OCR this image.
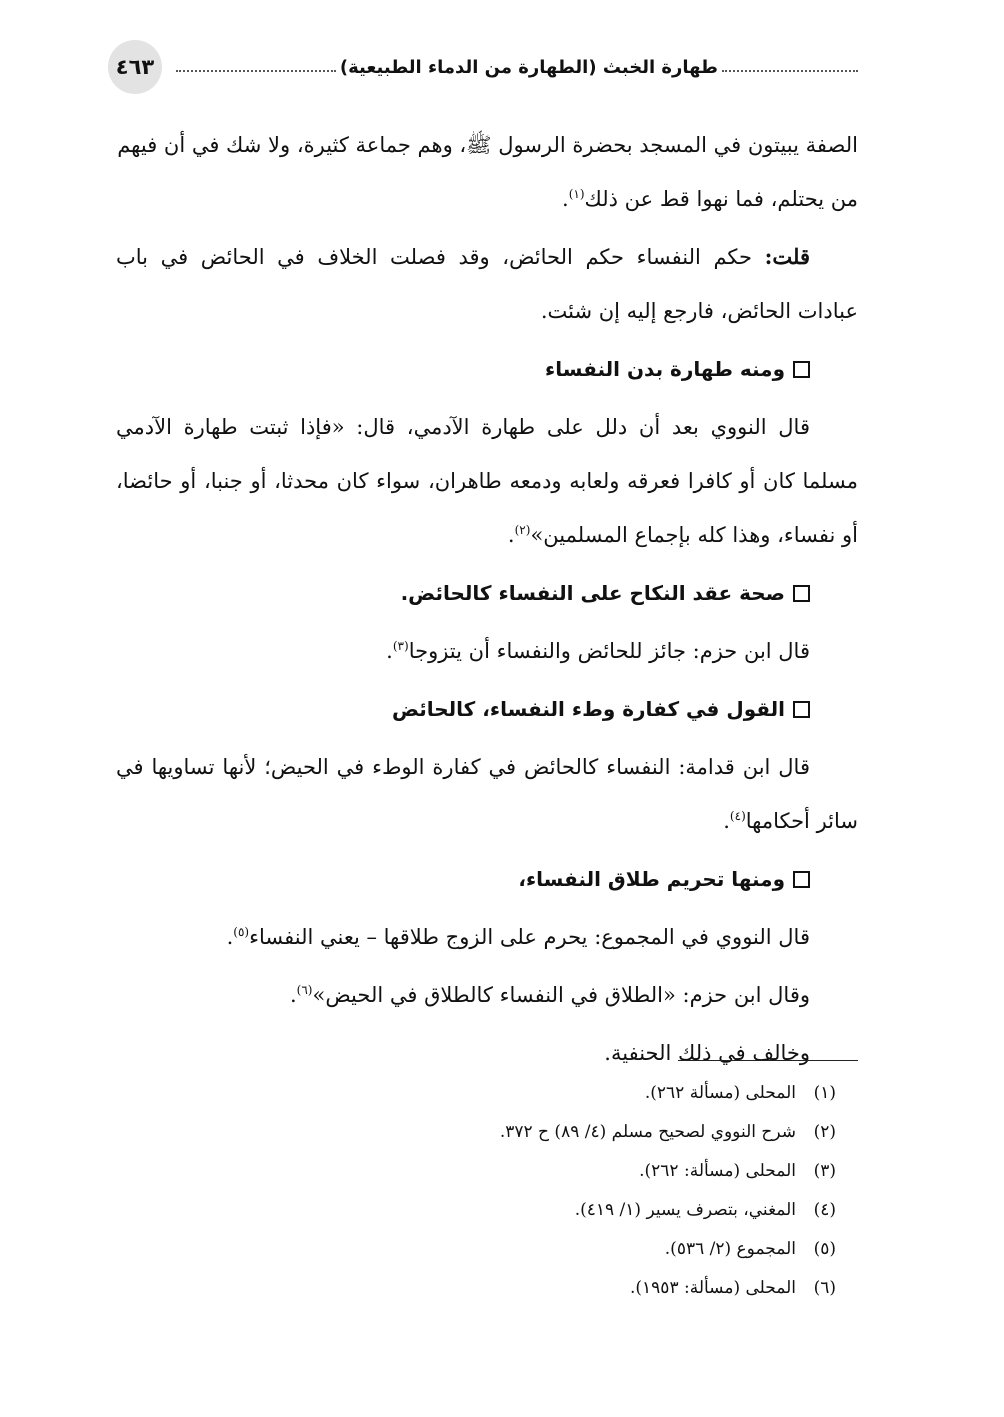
٤٦٣	طهارة الخبث (الطهارة من الدماء الطبيعية)

الصفة يبيتون في المسجد بحضرة الرسول ﷺ، وهم جماعة كثيرة، ولا شك في أن فيهم
من يحتلم، فما نهوا قط عن ذلك$^{(١)}$.

قلت: حكم النفساء حكم الحائض، وقد فصلت الخلاف في الحائض في باب عبادات الحائض، فارجع إليه إن شئت.

ومنه طهارة بدن النفساء

قال النووي بعد أن دلل على طهارة الآدمي، قال: «فإذا ثبتت طهارة الآدمي مسلما كان أو كافرا فعرقه ولعابه ودمعه طاهران، سواء كان محدثا، أو جنبا، أو حائضا، أو نفساء، وهذا كله بإجماع المسلمين»$^{(٢)}$.

صحة عقد النكاح على النفساء كالحائض.

قال ابن حزم: جائز للحائض والنفساء أن يتزوجا$^{(٣)}$.

القول في كفارة وطء النفساء، كالحائض

قال ابن قدامة: النفساء كالحائض في كفارة الوطء في الحيض؛ لأنها تساويها في سائر أحكامها$^{(٤)}$.

ومنها تحريم طلاق النفساء،

قال النووي في المجموع: يحرم على الزوج طلاقها – يعني النفساء$^{(٥)}$.

وقال ابن حزم: «الطلاق في النفساء كالطلاق في الحيض»$^{(٦)}$.

وخالف في ذلك الحنفية.

(١)
المحلى (مسألة ٢٦٢).
(٢)
شرح النووي لصحيح مسلم (٤/ ٨٩) ح ٣٧٢.
(٣)
المحلى (مسألة: ٢٦٢).
(٤)
المغني، بتصرف يسير (١/ ٤١٩).
(٥)
المجموع (٢/ ٥٣٦).
(٦)
المحلى (مسألة: ١٩٥٣).
